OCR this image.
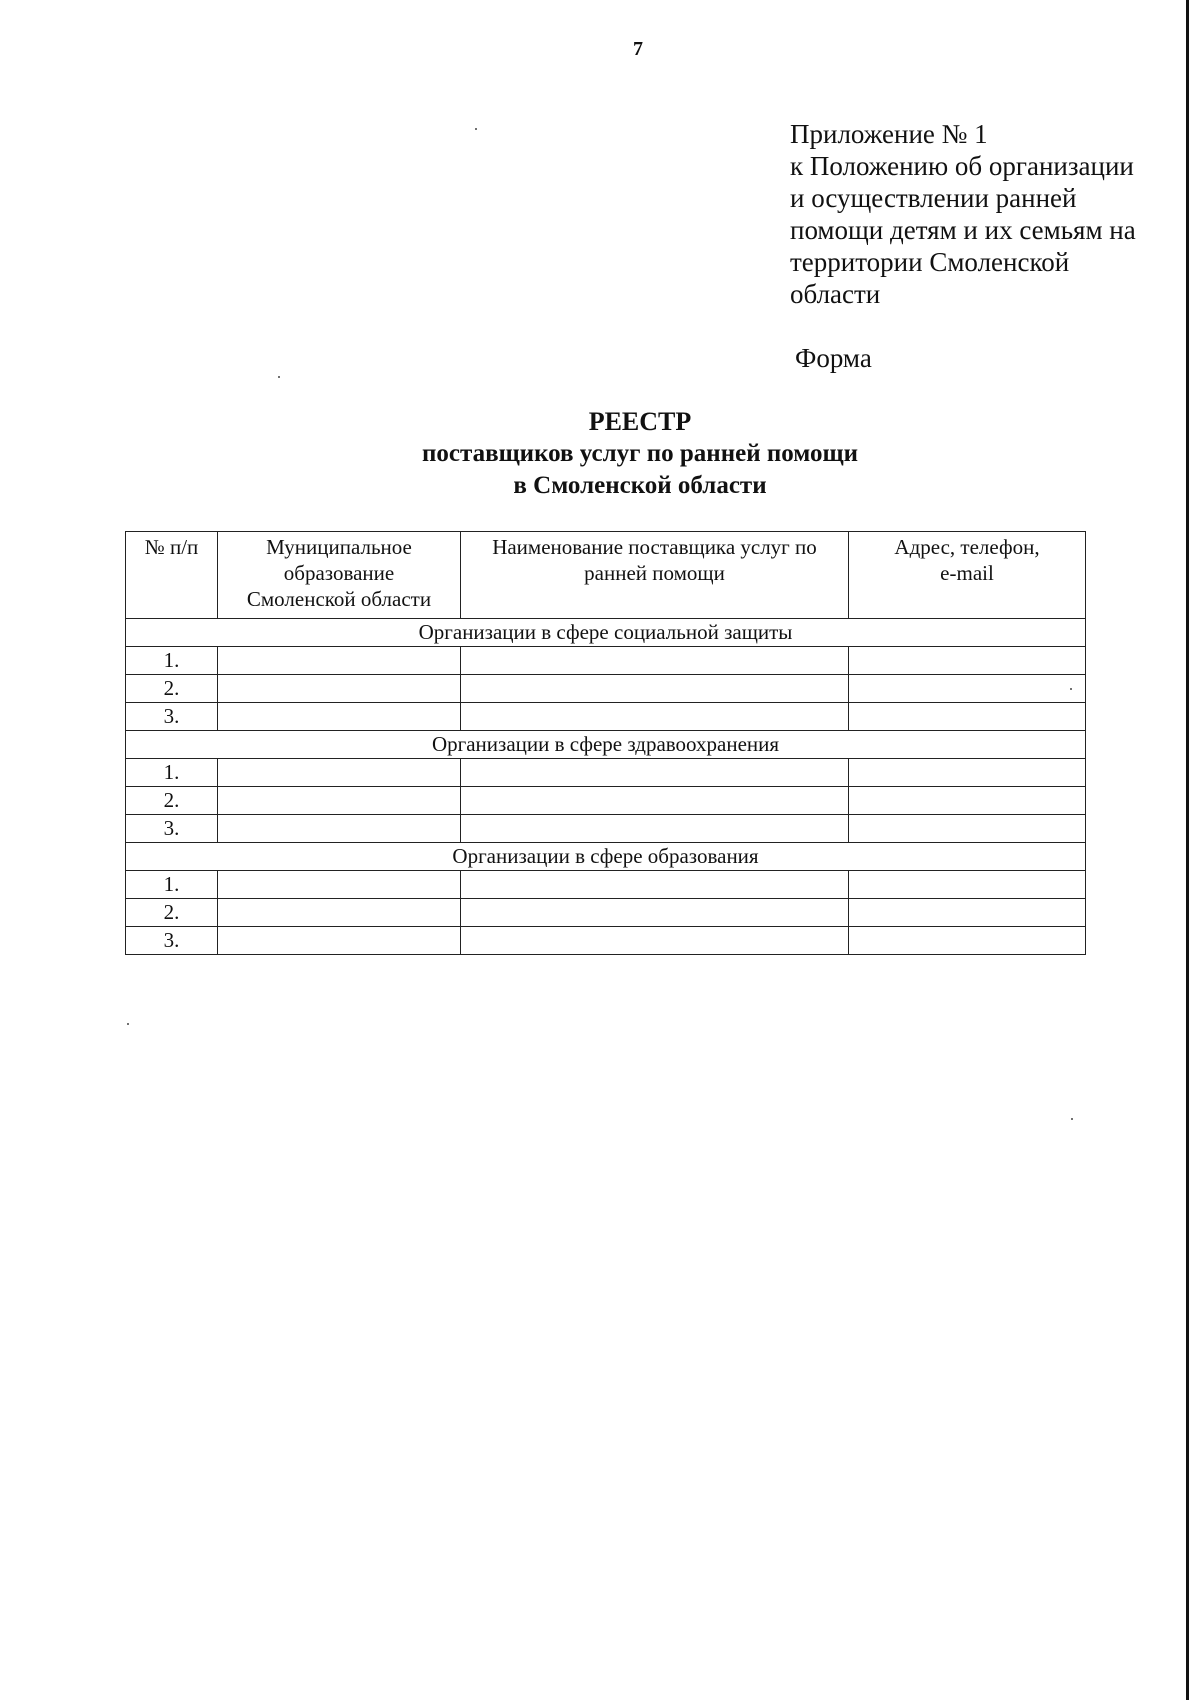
7
Приложение № 1
к Положению об организации
и осуществлении ранней
помощи детям и их семьям на
территории Смоленской
области
Форма
РЕЕСТР
поставщиков услуг по ранней помощи
в Смоленской области
№ п/п	Муниципальное образование Смоленской области	Наименование поставщика услуг по ранней помощи	Адрес, телефон, e-mail
Организации в сфере социальной защиты			
1.			
2.			
3.			
Организации в сфере здравоохранения			
1.			
2.			
3.			
Организации в сфере образования			
1.			
2.			
3.			
